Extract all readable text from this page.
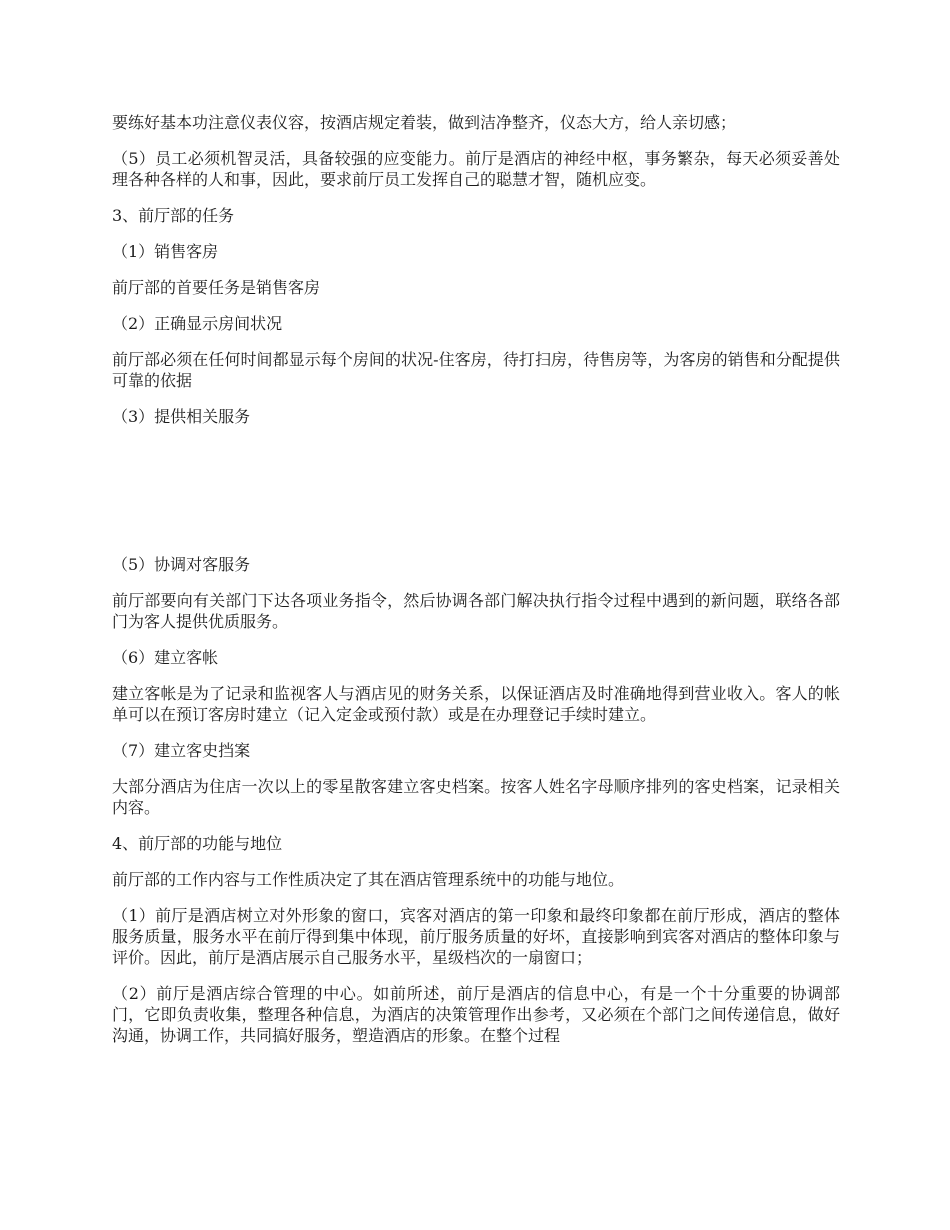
要练好基本功注意仪表仪容，按酒店规定着装，做到洁净整齐，仪态大方，给人亲切感；

（5）员工必须机智灵活，具备较强的应变能力。前厅是酒店的神经中枢，事务繁杂，每天必须妥善处理各种各样的人和事，因此，要求前厅员工发挥自己的聪慧才智，随机应变。

3、前厅部的任务

（1）销售客房

前厅部的首要任务是销售客房

（2）正确显示房间状况

前厅部必须在任何时间都显示每个房间的状况-住客房，待打扫房，待售房等，为客房的销售和分配提供可靠的依据

（3）提供相关服务

（5）协调对客服务

前厅部要向有关部门下达各项业务指令，然后协调各部门解决执行指令过程中遇到的新问题，联络各部门为客人提供优质服务。

（6）建立客帐

建立客帐是为了记录和监视客人与酒店见的财务关系，以保证酒店及时准确地得到营业收入。客人的帐单可以在预订客房时建立（记入定金或预付款）或是在办理登记手续时建立。

（7）建立客史挡案

大部分酒店为住店一次以上的零星散客建立客史档案。按客人姓名字母顺序排列的客史档案，记录相关内容。

4、前厅部的功能与地位

前厅部的工作内容与工作性质决定了其在酒店管理系统中的功能与地位。

（1）前厅是酒店树立对外形象的窗口，宾客对酒店的第一印象和最终印象都在前厅形成，酒店的整体服务质量，服务水平在前厅得到集中体现，前厅服务质量的好坏，直接影响到宾客对酒店的整体印象与评价。因此，前厅是酒店展示自己服务水平，星级档次的一扇窗口；

（2）前厅是酒店综合管理的中心。如前所述，前厅是酒店的信息中心，有是一个十分重要的协调部门，它即负责收集，整理各种信息，为酒店的决策管理作出参考，又必须在个部门之间传递信息，做好沟通，协调工作，共同搞好服务，塑造酒店的形象。在整个过程
